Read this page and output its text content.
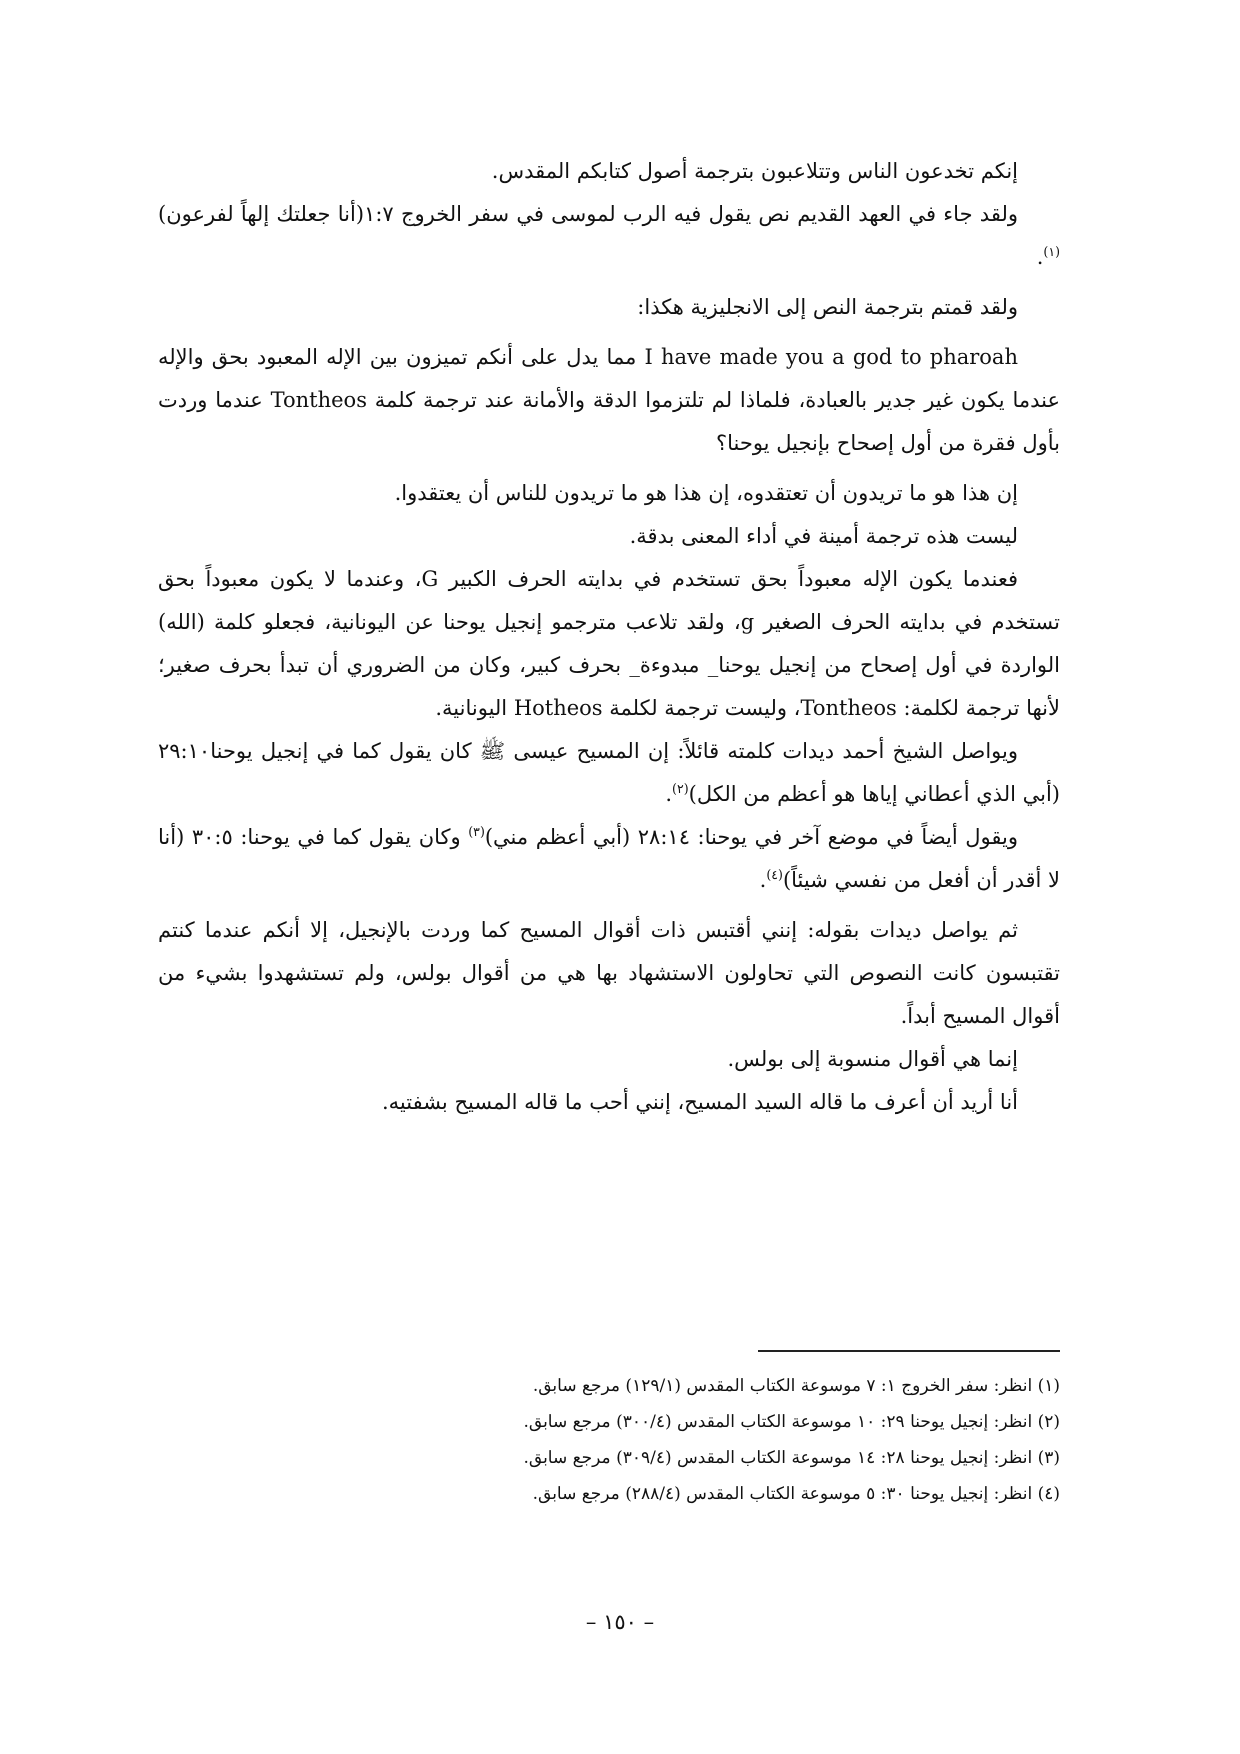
إنكم تخدعون الناس وتتلاعبون بترجمة أصول كتابكم المقدس.

ولقد جاء في العهد القديم نص يقول فيه الرب لموسى في سفر الخروج ١:٧(أنا جعلتك إلهاً لفرعون)$^{(١)}$.

ولقد قمتم بترجمة النص إلى الانجليزية هكذا:

I have made you a god to pharoah مما يدل على أنكم تميزون بين الإله المعبود بحق والإله عندما يكون غير جدير بالعبادة، فلماذا لم تلتزموا الدقة والأمانة عند ترجمة كلمة Tontheos عندما وردت بأول فقرة من أول إصحاح بإنجيل يوحنا؟

إن هذا هو ما تريدون أن تعتقدوه، إن هذا هو ما تريدون للناس أن يعتقدوا.

ليست هذه ترجمة أمينة في أداء المعنى بدقة.

فعندما يكون الإله معبوداً بحق تستخدم في بدايته الحرف الكبير G، وعندما لا يكون معبوداً بحق تستخدم في بدايته الحرف الصغير g، ولقد تلاعب مترجمو إنجيل يوحنا عن اليونانية، فجعلو كلمة (الله) الواردة في أول إصحاح من إنجيل يوحنا_ مبدوءة_ بحرف كبير، وكان من الضروري أن تبدأ بحرف صغير؛ لأنها ترجمة لكلمة: Tontheos، وليست ترجمة لكلمة Hotheos اليونانية.

ويواصل الشيخ أحمد ديدات كلمته قائلاً: إن المسيح عيسى ﷺ كان يقول كما في إنجيل يوحنا٢٩:١٠ (أبي الذي أعطاني إياها هو أعظم من الكل)$^{(٢)}$.

ويقول أيضاً في موضع آخر في يوحنا: ٢٨:١٤ (أبي أعظم مني)$^{(٣)}$ وكان يقول كما في يوحنا: ٣٠:٥ (أنا لا أقدر أن أفعل من نفسي شيئاً)$^{(٤)}$.

ثم يواصل ديدات بقوله: إنني أقتبس ذات أقوال المسيح كما وردت بالإنجيل، إلا أنكم عندما كنتم تقتبسون كانت النصوص التي تحاولون الاستشهاد بها هي من أقوال بولس، ولم تستشهدوا بشيء من أقوال المسيح أبداً.

إنما هي أقوال منسوبة إلى بولس.

أنا أريد أن أعرف ما قاله السيد المسيح، إنني أحب ما قاله المسيح بشفتيه.

(١) انظر: سفر الخروج ١: ٧ موسوعة الكتاب المقدس (١٢٩/١) مرجع سابق.

(٢) انظر: إنجيل يوحنا ٢٩: ١٠ موسوعة الكتاب المقدس (٣٠٠/٤) مرجع سابق.

(٣) انظر: إنجيل يوحنا ٢٨: ١٤ موسوعة الكتاب المقدس (٣٠٩/٤) مرجع سابق.

(٤) انظر: إنجيل يوحنا ٣٠: ٥ موسوعة الكتاب المقدس (٢٨٨/٤) مرجع سابق.

– ١٥٠ –
